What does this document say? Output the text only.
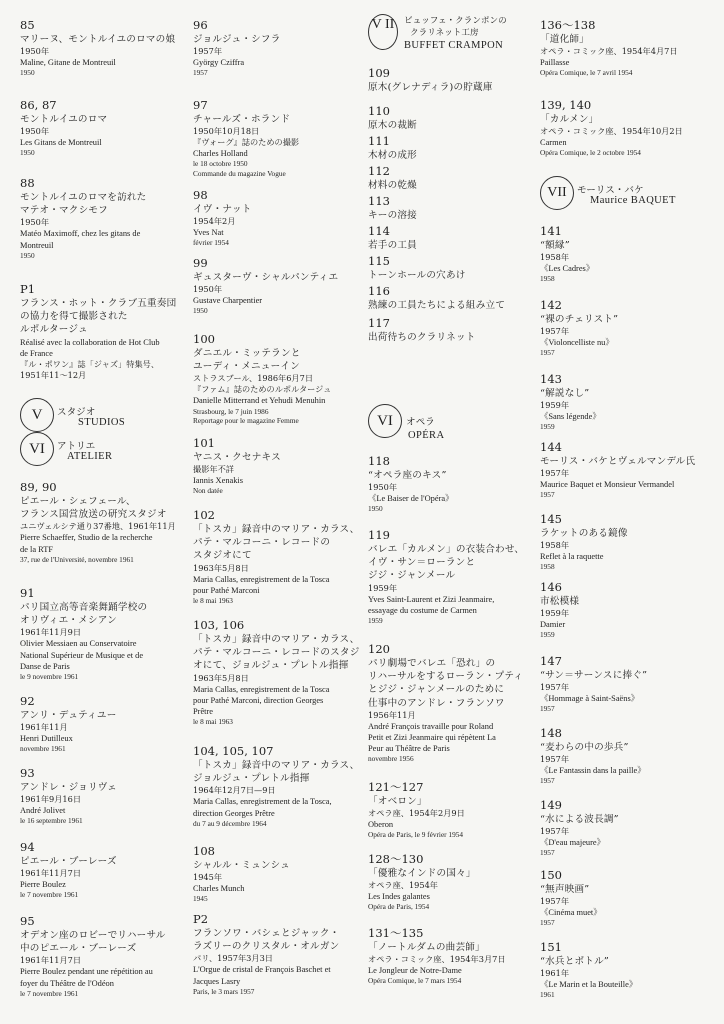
85

マリーヌ、モントルイユのロマの娘

1950年

Maline, Gitane de Montreuil

1950

86, 87

モントルイユのロマ

1950年

Les Gitans de Montreuil

1950

88

モントルイユのロマを訪れた

マテオ・マクシモフ

1950年

Matéo Maximoff, chez les gitans de

Montreuil

1950

P1

フランス・ホット・クラブ五重奏団

の協力を得て撮影された

ルポルタージュ

Réalisé avec la collaboration de Hot Club

de France

『ル・ポワン』誌「ジャズ」特集号、

1951年11〜12月

89, 90

ピエール・シェフェール、

フランス国営放送の研究スタジオ

ユニヴェルシテ通り37番地、1961年11月

Pierre Schaeffer, Studio de la recherche

de la RTF

37, rue de l'Université, novembre 1961

91

パリ国立高等音楽舞踊学校の

オリヴィエ・メシアン

1961年11月9日

Olivier Messiaen au Conservatoire

National Supérieur de Musique et de

Danse de Paris

le 9 novembre 1961

92

アンリ・デュティユー

1961年11月

Henri Dutilleux

novembre 1961

93

アンドレ・ジョリヴェ

1961年9月16日

André Jolivet

le 16 septembre 1961

94

ピエール・ブーレーズ

1961年11月7日

Pierre Boulez

le 7 novembre 1961

95

オデオン座のロビーでリハーサル

中のピエール・ブーレーズ

1961年11月7日

Pierre Boulez pendant une répétition au

foyer du Théâtre de l'Odéon

le 7 novembre 1961

96

ジョルジュ・シフラ

1957年

György Cziffra

1957

97

チャールズ・ホランド

1950年10月18日

『ヴォーグ』誌のための撮影

Charles Holland

le 18 octobre 1950

Commande du magazine Vogue

98

イヴ・ナット

1954年2月

Yves Nat

février 1954

99

ギュスターヴ・シャルパンティエ

1950年

Gustave Charpentier

1950

100

ダニエル・ミッテランと

ユーディ・メニューイン

ストラスブール、1986年6月7日

『ファム』誌のためのルポルタージュ

Danielle Mitterrand et Yehudi Menuhin

Strasbourg, le 7 juin 1986

Reportage pour le magazine Femme

101

ヤニス・クセナキス

撮影年不詳

Iannis Xenakis

Non datée

102

「トスカ」録音中のマリア・カラス、

パテ・マルコーニ・レコードの

スタジオにて

1963年5月8日

Maria Callas, enregistrement de la Tosca

pour Pathé Marconi

le 8 mai 1963

103, 106

「トスカ」録音中のマリア・カラス、

パテ・マルコーニ・レコードのスタジ

オにて、ジョルジュ・プレトル指揮

1963年5月8日

Maria Callas, enregistrement de la Tosca

pour Pathé Marconi, direction Georges

Prêtre

le 8 mai 1963

104, 105, 107

「トスカ」録音中のマリア・カラス、

ジョルジュ・プレトル指揮

1964年12月7日—9日

Maria Callas, enregistrement de la Tosca,

direction Georges Prêtre

du 7 au 9 décembre 1964

108

シャルル・ミュンシュ

1945年

Charles Munch

1945

P2

フランソワ・バシェとジャック・

ラズリーのクリスタル・オルガン

パリ、1957年3月3日

L'Orgue de cristal de François Baschet et

Jacques Lasry

Paris, le 3 mars 1957

109

原木(グレナディラ)の貯蔵庫

110

原木の裁断

111

木材の成形

112

材料の乾燥

113

キーの溶接

114

若手の工員

115

トーンホールの穴あけ

116

熟練の工員たちによる組み立て

117

出荷待ちのクラリネット

118

“オペラ座のキス”

1950年

《Le Baiser de l'Opéra》

1950

119

バレエ「カルメン」の衣装合わせ、

イヴ・サン＝ローランと

ジジ・ジャンメール

1959年

Yves Saint-Laurent et Zizi Jeanmaire,

essayage du costume de Carmen

1959

120

パリ劇場でバレエ「恐れ」の

リハーサルをするローラン・プティ

とジジ・ジャンメールのために

仕事中のアンドレ・フランソワ

1956年11月

André François travaille pour Roland

Petit et Zizi Jeanmaire qui répètent La

Peur au Théâtre de Paris

novembre 1956

121〜127

「オベロン」

オペラ座、1954年2月9日

Oberon

Opéra de Paris, le 9 février 1954

128〜130

「優雅なインドの国々」

オペラ座、1954年

Les Indes galantes

Opéra de Paris, 1954

131〜135

「ノートルダムの曲芸師」

オペラ・コミック座、1954年3月7日

Le Jongleur de Notre-Dame

Opéra Comique, le 7 mars 1954

136〜138

「道化師」

オペラ・コミック座、1954年4月7日

Paillasse

Opéra Comique, le 7 avril 1954

139, 140

「カルメン」

オペラ・コミック座、1954年10月2日

Carmen

Opéra Comique, le 2 octobre 1954

141

“額縁”

1958年

《Les Cadres》

1958

142

“裸のチェリスト”

1957年

《Violoncelliste nu》

1957

143

“解説なし”

1959年

《Sans légende》

1959

144

モーリス・バケとヴェルマンデル氏

1957年

Maurice Baquet et Monsieur Vermandel

1957

145

ラケットのある鏡像

1958年

Reflet à la raquette

1958

146

市松模様

1959年

Damier

1959

147

“サン＝サーンスに捧ぐ”

1957年

《Hommage à Saint-Saëns》

1957

148

“麦わらの中の歩兵”

1957年

《Le Fantassin dans la paille》

1957

149

“水による波長調”

1957年

《D'eau majeure》

1957

150

“無声映画”

1957年

《Cinéma muet》

1957

151

“水兵とボトル”

1961年

《Le Marin et la Bouteille》

1961

V	スタジオ
STUDIOS
VI	アトリエ
ATELIER
V II	ビュッフェ・クランポンの
クラリネット工房
BUFFET CRAMPON
VI	オペラ
OPÉRA
VII	モーリス・バケ
Maurice BAQUET
